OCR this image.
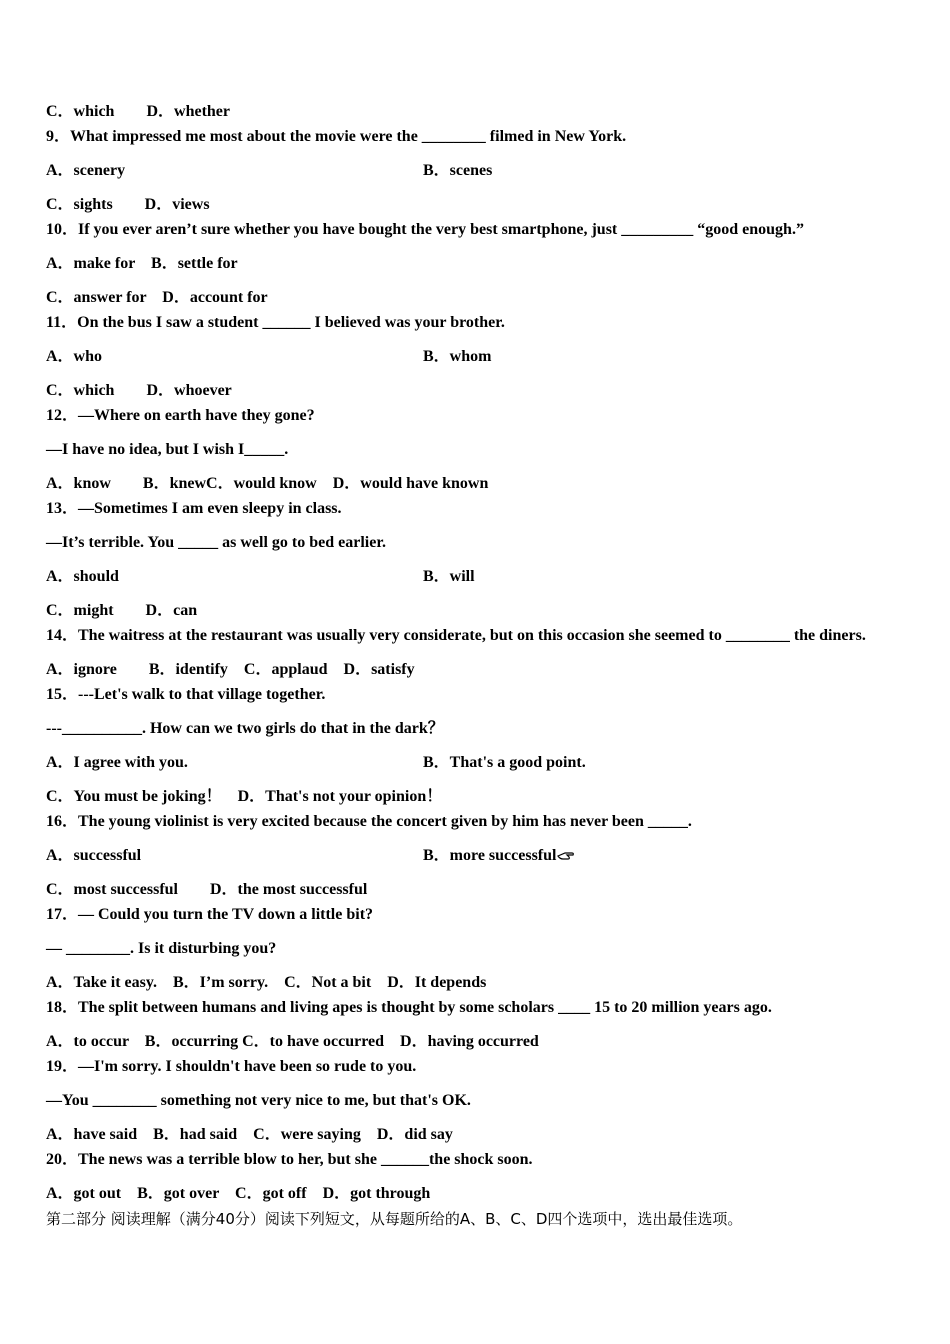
C．which　　D．whether
9．What impressed me most about the movie were the ________ filmed in New York.
A．scenery	B．scenes
C．sights　　D．views
10．If you ever aren’t sure whether you have bought the very best smartphone, just _________ “good enough.”
A．make for　B．settle for
C．answer for　D．account for
11．On the bus I saw a student ______ I believed was your brother.
A．who	B．whom
C．which　　D．whoever
12．—Where on earth have they gone?
—I have no idea, but I wish I_____.
A．know　　B．knewC．would know　D．would have known
13．—Sometimes I am even sleepy in class.
—It’s terrible. You _____ as well go to bed earlier.
A．should	B．will
C．might　　D．can
14．The waitress at the restaurant was usually very considerate, but on this occasion she seemed to ________ the diners.
A．ignore　　B．identify　C．applaud　D．satisfy
15．---Let's walk to that village together.
---__________. How can we two girls do that in the dark？
A．I agree with you.	B．That's a good point.
C．You must be joking！　D．That's not your opinion！
16．The young violinist is very excited because the concert given by him has never been _____.
A．successful	B．more successful
C．most successful　　D．the most successful
17．— Could you turn the TV down a little bit?
— ________. Is it disturbing you?
A．Take it easy.　B．I’m sorry.　C．Not a bit　D．It depends
18．The split between humans and living apes is thought by some scholars ____ 15 to 20 million years ago.
A．to occur　B．occurring C．to have occurred　D．having occurred
19．—I'm sorry. I shouldn't have been so rude to you.
—You ________ something not very nice to me, but that's OK.
A．have said　B．had said　C．were saying　D．did say
20．The news was a terrible blow to her, but she ______the shock soon.
A．got out　B．got over　C．got off　D．got through
第二部分 阅读理解（满分40分）阅读下列短文，从每题所给的A、B、C、D四个选项中，选出最佳选项。
